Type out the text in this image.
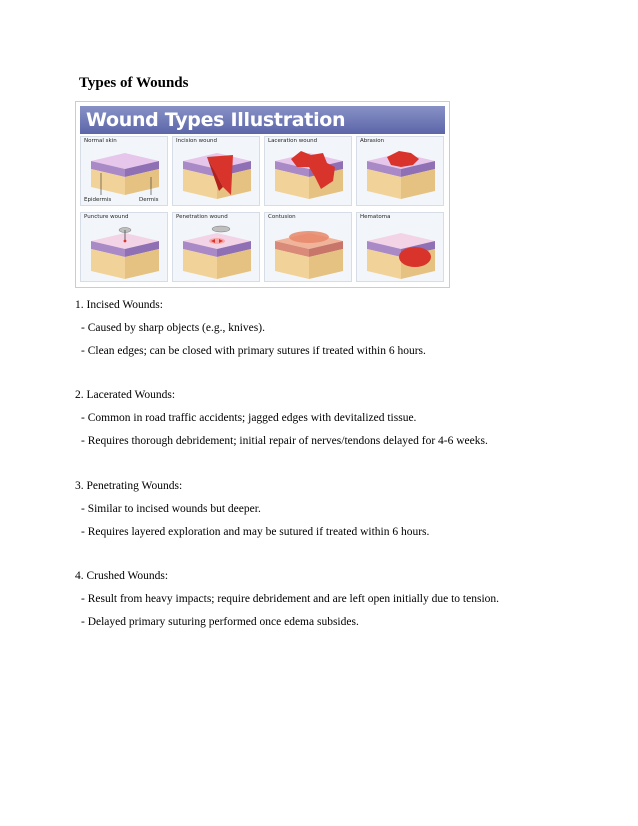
Types of Wounds
Wound Types Illustration
Normal skin
Epidermis	Dermis
Incision wound	Laceration wound	Abrasion
Puncture wound	Penetration wound	Contusion	Hematoma
1. Incised Wounds:
- Caused by sharp objects (e.g., knives).
- Clean edges; can be closed with primary sutures if treated within 6 hours.
2. Lacerated Wounds:
- Common in road traffic accidents; jagged edges with devitalized tissue.
- Requires thorough debridement; initial repair of nerves/tendons delayed for 4-6 weeks.
3. Penetrating Wounds:
- Similar to incised wounds but deeper.
- Requires layered exploration and may be sutured if treated within 6 hours.
4. Crushed Wounds:
- Result from heavy impacts; require debridement and are left open initially due to tension.
- Delayed primary suturing performed once edema subsides.
